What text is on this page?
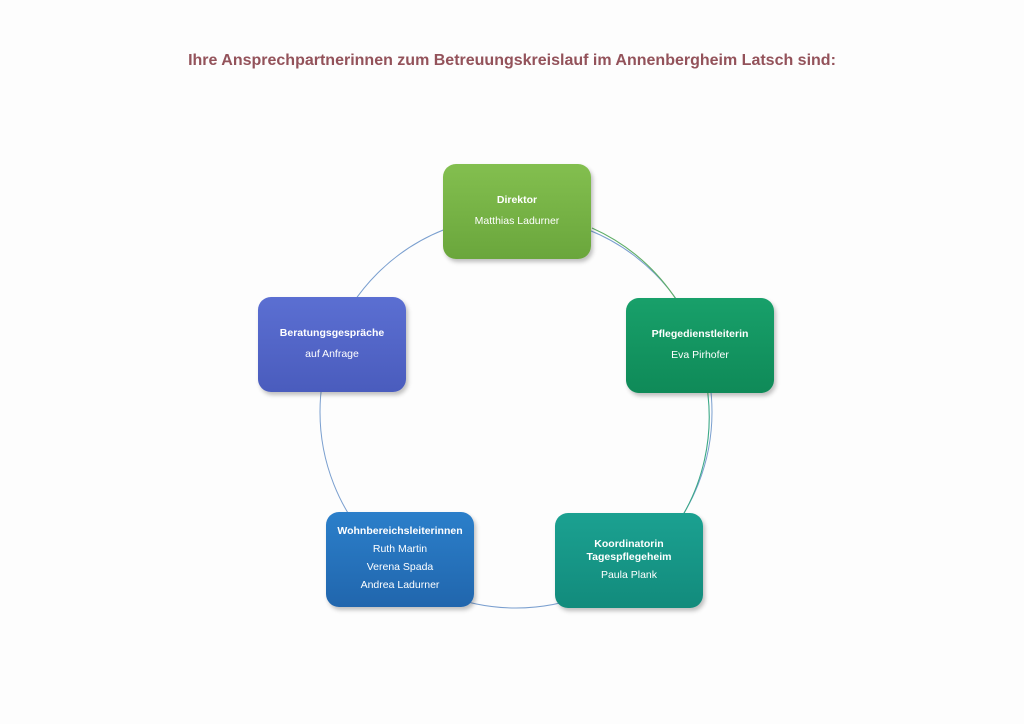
Ihre Ansprechpartnerinnen zum Betreuungskreislauf im Annenbergheim Latsch sind:
Direktor
Matthias Ladurner
Pflegedienstleiterin
Eva Pirhofer
Koordinatorin
Tagespflegeheim
Paula Plank
Wohnbereichsleiterinnen
Ruth Martin
Verena Spada
Andrea Ladurner
Beratungsgespräche
auf Anfrage
